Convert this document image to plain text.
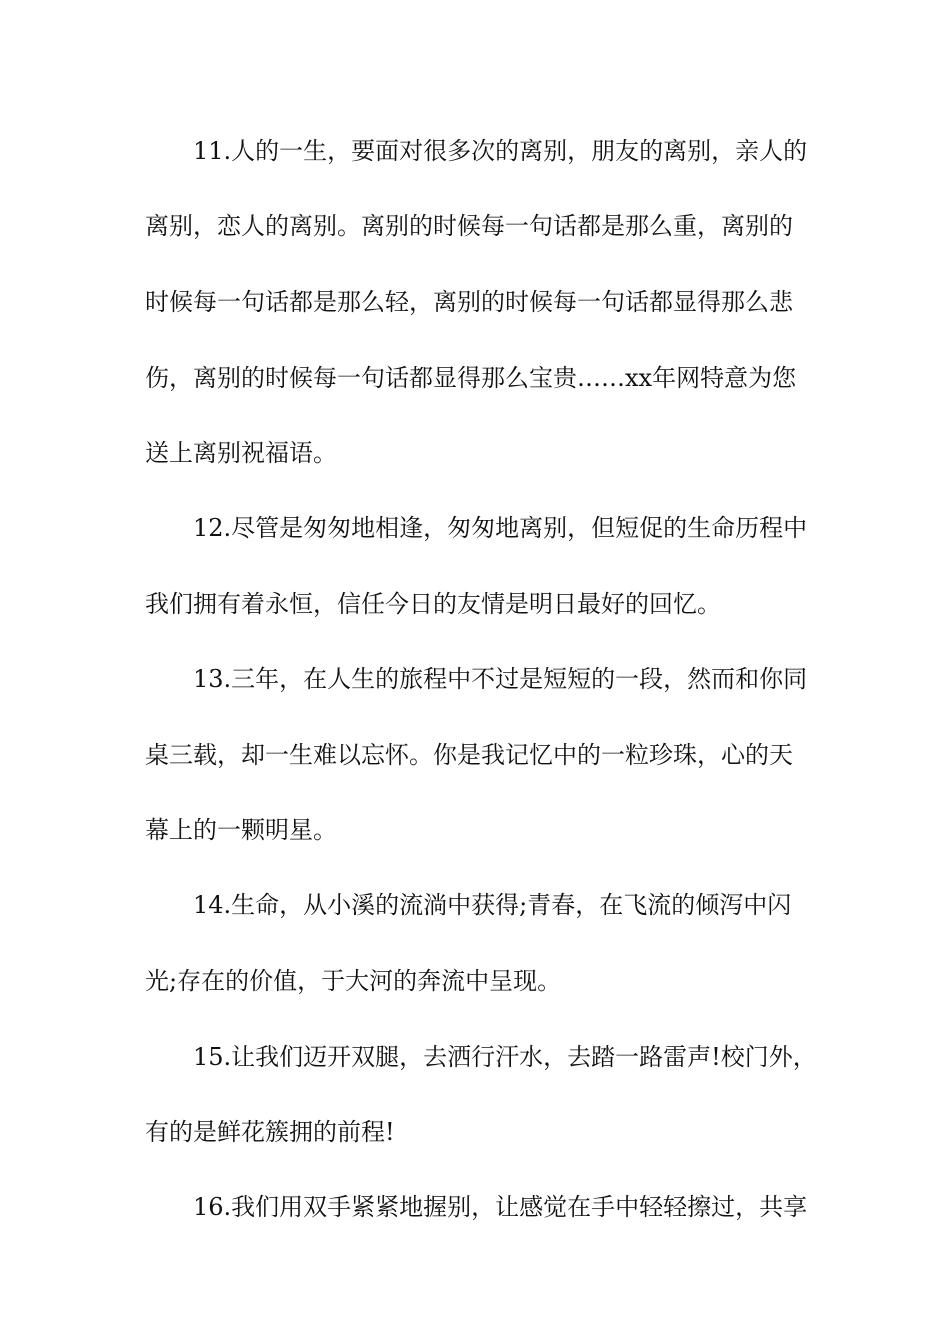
11.人的一生，要面对很多次的离别，朋友的离别，亲人的
离别，恋人的离别。离别的时候每一句话都是那么重，离别的
时候每一句话都是那么轻，离别的时候每一句话都显得那么悲
伤，离别的时候每一句话都显得那么宝贵……xx年网特意为您
送上离别祝福语。
12.尽管是匆匆地相逢，匆匆地离别，但短促的生命历程中
我们拥有着永恒，信任今日的友情是明日最好的回忆。
13.三年，在人生的旅程中不过是短短的一段，然而和你同
桌三载，却一生难以忘怀。你是我记忆中的一粒珍珠，心的天
幕上的一颗明星。
14.生命，从小溪的流淌中获得;青春，在飞流的倾泻中闪
光;存在的价值，于大河的奔流中呈现。
15.让我们迈开双腿，去洒行汗水，去踏一路雷声!校门外，
有的是鲜花簇拥的前程!
16.我们用双手紧紧地握别，让感觉在手中轻轻擦过，共享
